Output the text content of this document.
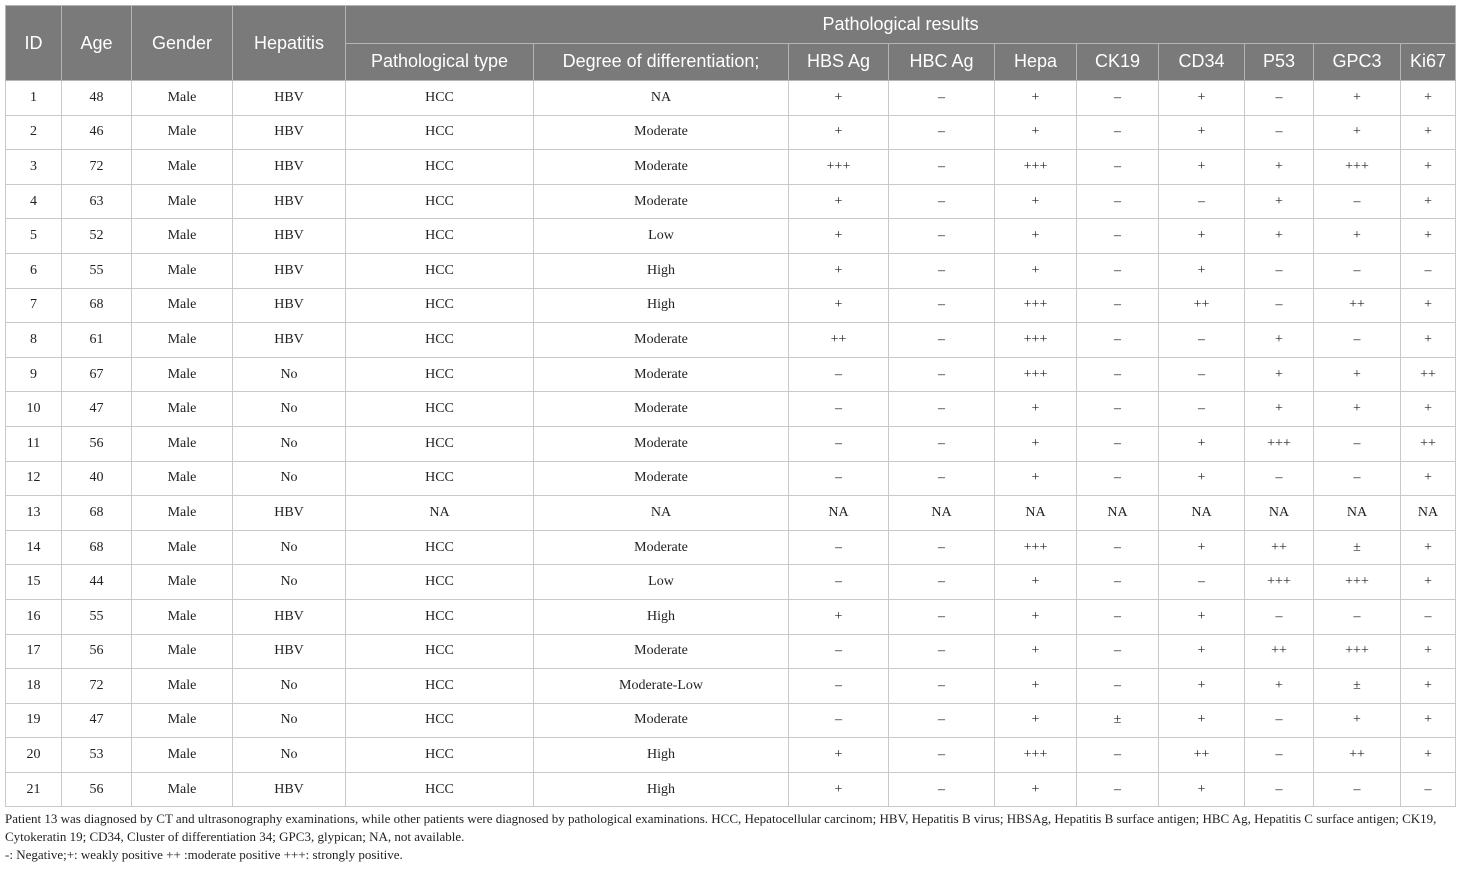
ID	Age	Gender	Hepatitis	Pathological results									
				Pathological type	Degree of differentiation;	HBS Ag	HBC Ag	Hepa	CK19	CD34	P53	GPC3	Ki67
1	48	Male	HBV	HCC	NA	+	–	+	–	+	–	+	+
2	46	Male	HBV	HCC	Moderate	+	–	+	–	+	–	+	+
3	72	Male	HBV	HCC	Moderate	+++	–	+++	–	+	+	+++	+
4	63	Male	HBV	HCC	Moderate	+	–	+	–	–	+	–	+
5	52	Male	HBV	HCC	Low	+	–	+	–	+	+	+	+
6	55	Male	HBV	HCC	High	+	–	+	–	+	–	–	–
7	68	Male	HBV	HCC	High	+	–	+++	–	++	–	++	+
8	61	Male	HBV	HCC	Moderate	++	–	+++	–	–	+	–	+
9	67	Male	No	HCC	Moderate	–	–	+++	–	–	+	+	++
10	47	Male	No	HCC	Moderate	–	–	+	–	–	+	+	+
11	56	Male	No	HCC	Moderate	–	–	+	–	+	+++	–	++
12	40	Male	No	HCC	Moderate	–	–	+	–	+	–	–	+
13	68	Male	HBV	NA	NA	NA	NA	NA	NA	NA	NA	NA	NA
14	68	Male	No	HCC	Moderate	–	–	+++	–	+	++	±	+
15	44	Male	No	HCC	Low	–	–	+	–	–	+++	+++	+
16	55	Male	HBV	HCC	High	+	–	+	–	+	–	–	–
17	56	Male	HBV	HCC	Moderate	–	–	+	–	+	++	+++	+
18	72	Male	No	HCC	Moderate-Low	–	–	+	–	+	+	±	+
19	47	Male	No	HCC	Moderate	–	–	+	±	+	–	+	+
20	53	Male	No	HCC	High	+	–	+++	–	++	–	++	+
21	56	Male	HBV	HCC	High	+	–	+	–	+	–	–	–

Patient 13 was diagnosed by CT and ultrasonography examinations, while other patients were diagnosed by pathological examinations. HCC, Hepatocellular carcinom; HBV, Hepatitis B virus; HBSAg, Hepatitis B surface antigen; HBC Ag, Hepatitis C surface antigen; CK19, Cytokeratin 19; CD34, Cluster of differentiation 34; GPC3, glypican; NA, not available.

-: Negative;+: weakly positive ++ :moderate positive +++: strongly positive.
